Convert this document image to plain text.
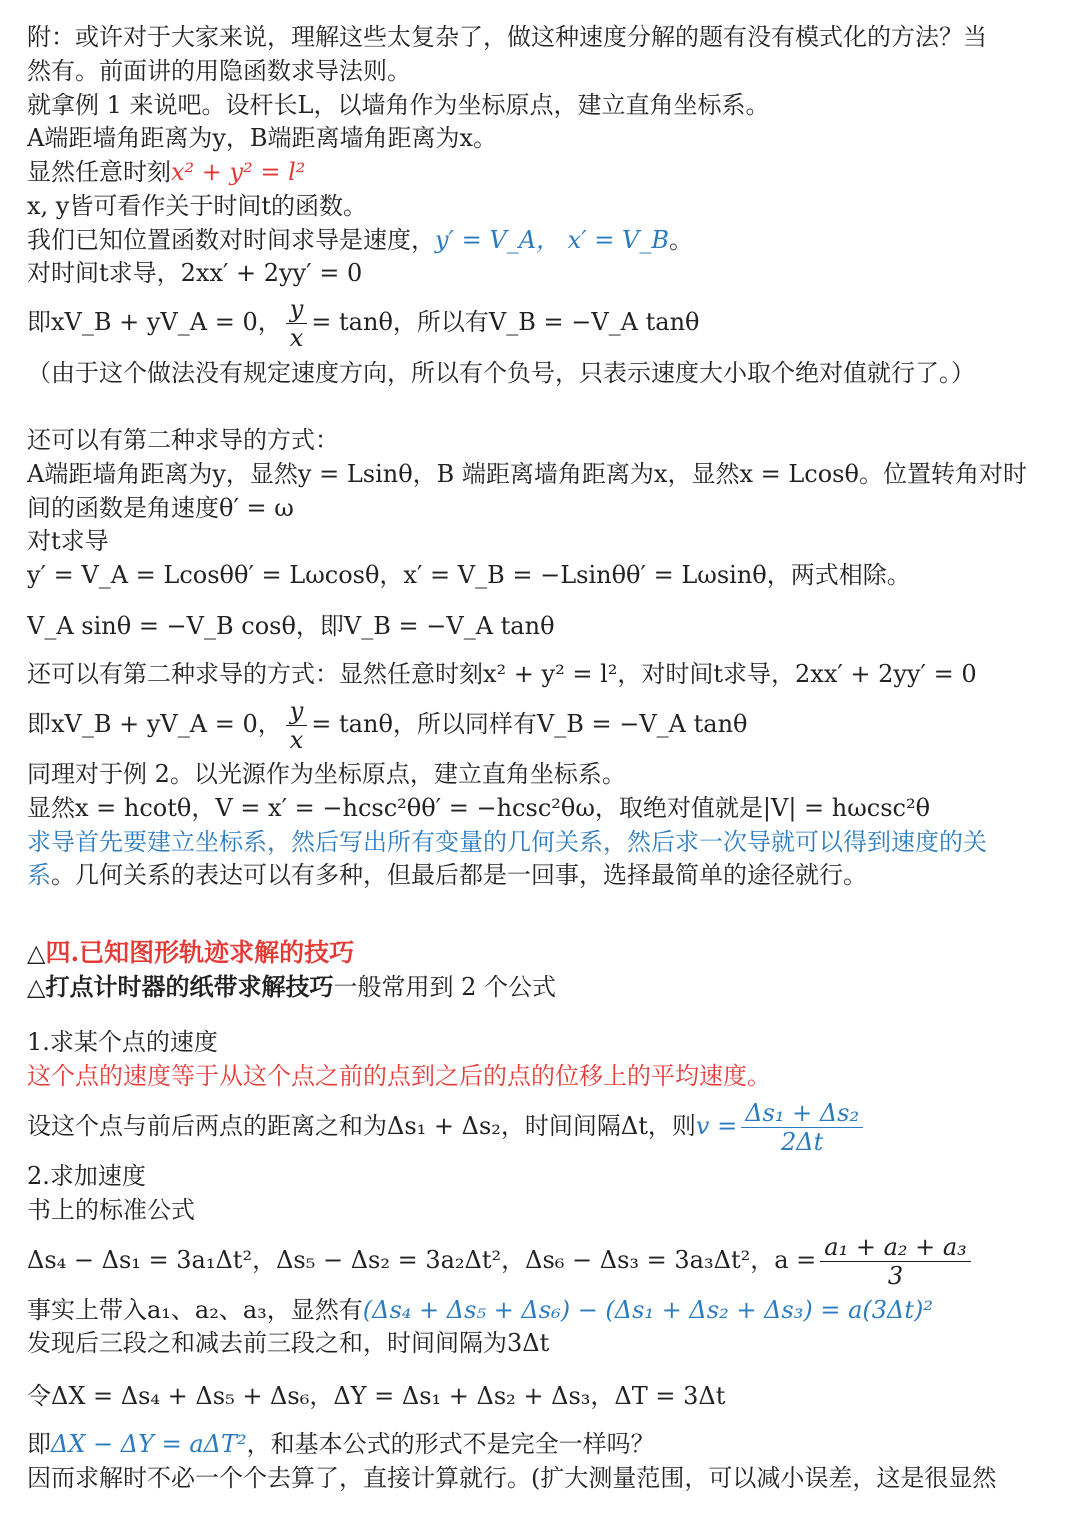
附：或许对于大家来说，理解这些太复杂了，做这种速度分解的题有没有模式化的方法？当
然有。前面讲的用隐函数求导法则。
就拿例 1 来说吧。设杆长L，以墙角作为坐标原点，建立直角坐标系。
A端距墙角距离为y，B端距离墙角距离为x。
显然任意时刻x² + y² = l²
x, y皆可看作关于时间t的函数。
我们已知位置函数对时间求导是速度，y′ = V_A， x′ = V_B。
对时间t求导，2xx′ + 2yy′ = 0
即xV_B + yV_A = 0， $\frac{y}{x} = \tan\theta$，所以有V_B = −V_A tanθ
（由于这个做法没有规定速度方向，所以有个负号，只表示速度大小取个绝对值就行了。）
还可以有第二种求导的方式：
A端距墙角距离为y，显然y = Lsinθ，B 端距离墙角距离为x，显然x = Lcosθ。位置转角对时
间的函数是角速度θ′ = ω
对t求导
y′ = V_A = Lcosθθ′ = Lωcosθ，x′ = V_B = −Lsinθθ′ = Lωsinθ，两式相除。
V_A sinθ = −V_B cosθ，即V_B = −V_A tanθ
还可以有第二种求导的方式：显然任意时刻x² + y² = l²，对时间t求导，2xx′ + 2yy′ = 0
即xV_B + yV_A = 0， $\frac{y}{x} = \tan\theta$，所以同样有V_B = −V_A tanθ
同理对于例 2。以光源作为坐标原点，建立直角坐标系。
显然x = hcotθ，V = x′ = −hcsc²θθ′ = −hcsc²θω，取绝对值就是|V| = hωcsc²θ
求导首先要建立坐标系，然后写出所有变量的几何关系，然后求一次导就可以得到速度的关
系。几何关系的表达可以有多种，但最后都是一回事，选择最简单的途径就行。
△四.已知图形轨迹求解的技巧
△打点计时器的纸带求解技巧一般常用到 2 个公式
1.求某个点的速度
这个点的速度等于从这个点之前的点到之后的点的位移上的平均速度。
设这个点与前后两点的距离之和为Δs₁ + Δs₂，时间间隔Δt，则$v = \frac{\text{Δs₁ + Δs₂}}{2\Delta t}$
2.求加速度
书上的标准公式
Δs₄ − Δs₁ = 3a₁Δt²，Δs₅ − Δs₂ = 3a₂Δt²，Δs₆ − Δs₃ = 3a₃Δt²，$a = \frac{\text{a₁ + a₂ + a₃}}{3}$
事实上带入a₁、a₂、a₃，显然有(Δs₄ + Δs₅ + Δs₆) − (Δs₁ + Δs₂ + Δs₃) = a(3Δt)²
发现后三段之和减去前三段之和，时间间隔为3Δt
令ΔX = Δs₄ + Δs₅ + Δs₆，ΔY = Δs₁ + Δs₂ + Δs₃，ΔT = 3Δt
即ΔX − ΔY = aΔT²，和基本公式的形式不是完全一样吗？
因而求解时不必一个个去算了，直接计算就行。(扩大测量范围，可以减小误差，这是很显然
